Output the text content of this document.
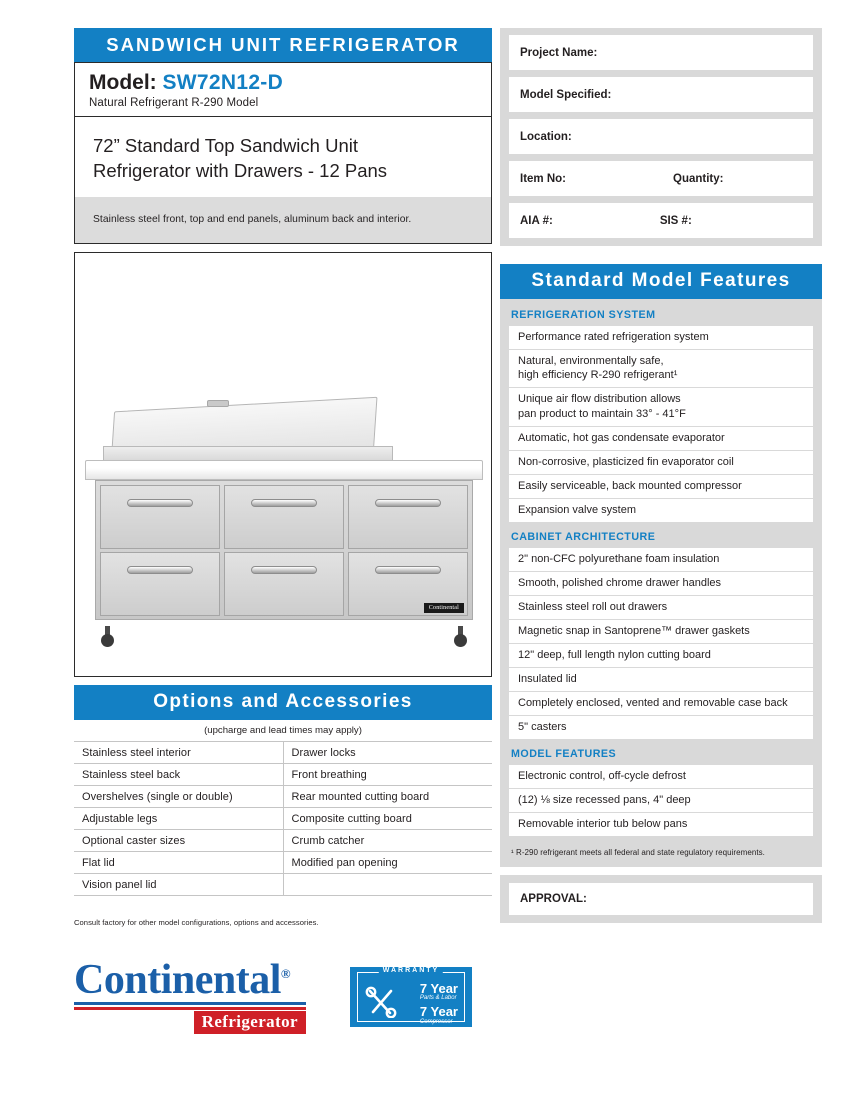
SANDWICH UNIT REFRIGERATOR
Model: SW72N12-D
Natural Refrigerant R-290 Model
72” Standard Top Sandwich Unit
Refrigerator with Drawers - 12 Pans
Stainless steel front, top and end panels, aluminum back and interior.
Continental
Options and Accessories
(upcharge and lead times may apply)
Stainless steel interior	Drawer locks
Stainless steel back	Front breathing
Overshelves (single or double)	Rear mounted cutting board
Adjustable legs	Composite cutting board
Optional caster sizes	Crumb catcher
Flat lid	Modified pan opening
Vision panel lid	
Consult factory for other model configurations, options and accessories.
Continental®
Refrigerator
WARRANTY
7 Year
Parts & Labor
7 Year
Compressor
Project Name:
Model Specified:
Location:
Item No:	Quantity:
AIA #:	SIS #:
Standard Model Features
REFRIGERATION SYSTEM
Performance rated refrigeration system
Natural, environmentally safe,
high efficiency R-290 refrigerant¹
Unique air flow distribution allows
pan product to maintain 33° - 41°F
Automatic, hot gas condensate evaporator
Non-corrosive, plasticized fin evaporator coil
Easily serviceable, back mounted compressor
Expansion valve system
CABINET ARCHITECTURE
2" non-CFC polyurethane foam insulation
Smooth, polished chrome drawer handles
Stainless steel roll out drawers
Magnetic snap in Santoprene™ drawer gaskets
12" deep, full length nylon cutting board
Insulated lid
Completely enclosed, vented and removable case back
5" casters
MODEL FEATURES
Electronic control, off-cycle defrost
(12) ⅛ size recessed pans, 4" deep
Removable interior tub below pans
¹ R-290 refrigerant meets all federal and state regulatory requirements.
APPROVAL:
